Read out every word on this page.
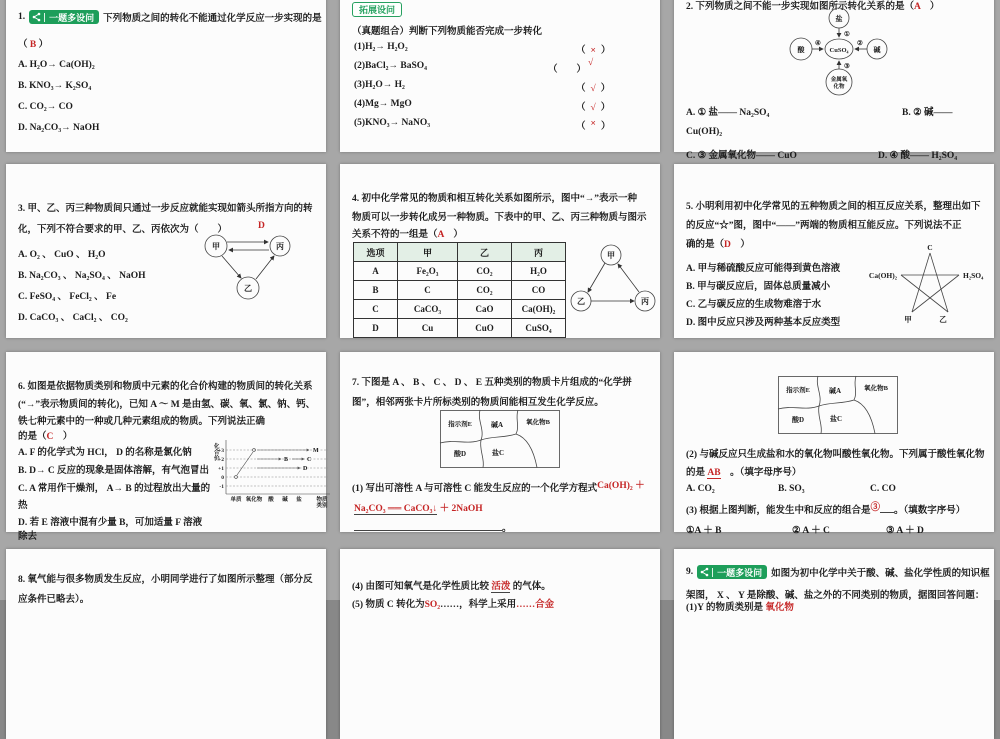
1.	一题多设问 下列物质之间的转化不能通过化学反应一步实现的是
（ B ）
A. H₂O→ Ca(OH)₂
B. KNO₃→ K₂SO₄
C. CO₂→ CO
D. Na₂CO₃→ NaOH
拓展设问
（真题组合）判断下列物质能否完成一步转化
(1)H₂→ H₂O₂	（ × ）
(2)BaCl₂→ BaSO₄	（　　）
√
(3)H₂O→ H₂	（ √ ）
(4)Mg→ MgO	（ √ ）
(5)KNO₃→ NaNO₃	（ × ）
2. 下列物质之间不能一步实现如图所示转化关系的是（A　）
盐
CuSO₄
酸	碱
金属氧
化物
①
②
③
④
A. ① 盐—— Na₂SO₄	B. ② 碱——
Cu(OH)₂
C. ③ 金属氧化物—— CuO	D. ④ 酸—— H₂SO₄
3. 甲、乙、丙三种物质间只通过一步反应就能实现如箭头所指方向的转
化，下列不符合要求的甲、乙、丙依次为（　　）	D
A. O₂ 、 CuO 、 H₂O
B. Na₂CO₃ 、 Na₂SO₄ 、 NaOH
C. FeSO₄ 、 FeCl₂ 、 Fe
D. CaCO₃ 、 CaCl₂ 、 CO₂
甲	丙
乙
4. 初中化学常见的物质和相互转化关系如图所示，图中“→”表示一种
物质可以一步转化成另一种物质。下表中的甲、乙、丙三种物质与图示
关系不符的一组是（A　）
选项	甲	乙	丙
A	Fe₂O₃	CO₂	H₂O
B	C	CO₂	CO
C	CaCO₃	CaO	Ca(OH)₂
D	Cu	CuO	CuSO₄
甲
乙	丙
5. 小明利用初中化学常见的五种物质之间的相互反应关系，整理出如下
的反应“☆”图，图中“——”两端的物质相互能反应。下列说法不正
确的是（D　）
A. 甲与稀硫酸反应可能得到黄色溶液
B. 甲与碳反应后，固体总质量减小
C. 乙与碳反应的生成物难溶于水
D. 图中反应只涉及两种基本反应类型
C
Ca(OH)₂	H₂SO₄
甲	乙
6. 如图是依据物质类别和物质中元素的化合价构建的物质间的转化关系
(“→”表示物质间的转化)，已知 A ～ M 是由氢、碳、氧、氯、钠、钙、
铁七种元素中的一种或几种元素组成的物质。下列说法正确
的是（C　）
A. F 的化学式为 HCl， D 的名称是氯化钠
B. D→ C 反应的现象是固体溶解，有气泡冒出
C. A 常用作干燥剂， A→ B 的过程放出大量的
热
D. 若 E 溶液中混有少量 B，可加适量 F 溶液
除去
化
合
价
+3
+2
+1
0
-1
单质 氧化物 酸 碱 盐	物质
类别
M
B	C
D
7. 下图是 A 、 B 、 C 、 D 、 E 五种类别的物质卡片组成的“化学拼
图”，相邻两张卡片所标类别的物质间能相互发生化学反应。
指示剂E	碱A	氧化物B
酸D	盐C
(1) 写出可溶性 A 与可溶性 C 能发生反应的一个化学方程式Ca(OH)₂ ＋
Na₂CO₃ ══ CaCO₃↓ ＋ 2NaOH
。
指示剂E	碱A	氧化物B
酸D	盐C
(2) 与碱反应只生成盐和水的氧化物叫酸性氧化物。下列属于酸性氧化物
的是 AB　。（填字母序号）
A. CO₂	B. SO₃	C. CO
(3) 根据上图判断，能发生中和反应的组合是③ 。（填数字序号）
①A ＋ B	② A ＋ C	③ A ＋ D
8. 氧气能与很多物质发生反应，小明同学进行了如图所示整理（部分反
应条件已略去）。
(4) 由图可知氧气是化学性质比较 活泼 的气体。
(5) 物质 C 转化为SO₂……，科学上采用……合金
9.	一题多设问 如图为初中化学中关于酸、碱、盐化学性质的知识框
架图， X 、 Y 是除酸、碱、盐之外的不同类别的物质，据图回答问题：
(1)Y 的物质类别是 氧化物
